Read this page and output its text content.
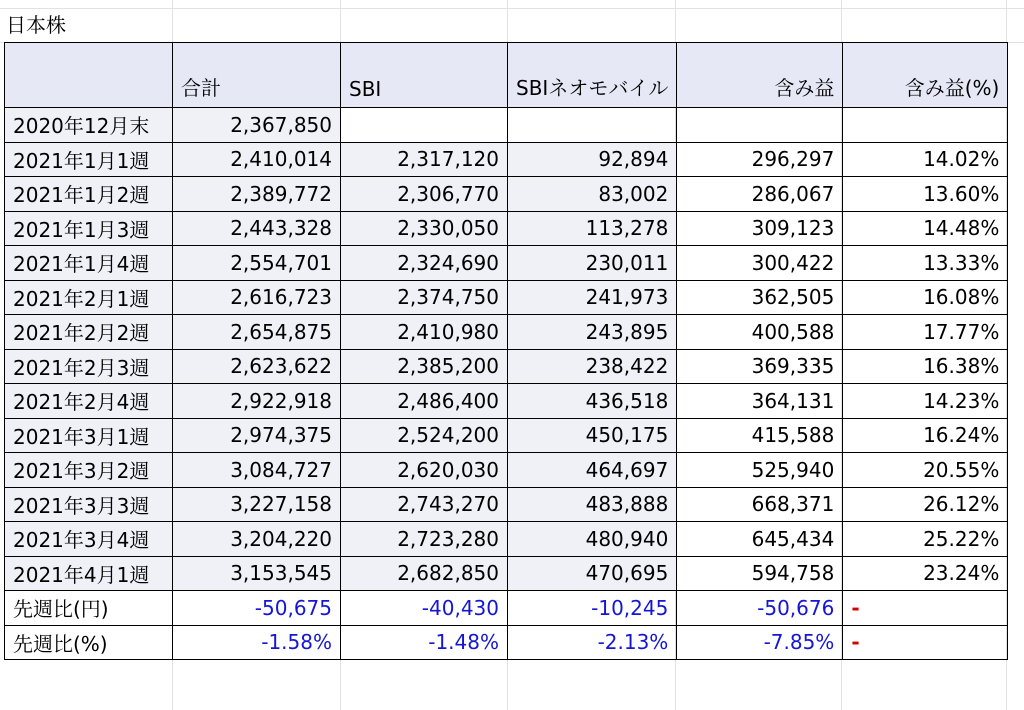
日本株
	合計	SBI	SBIネオモバイル	含み益	含み益(%)
2020年12月末	2,367,850				
2021年1月1週	2,410,014	2,317,120	92,894	296,297	14.02%
2021年1月2週	2,389,772	2,306,770	83,002	286,067	13.60%
2021年1月3週	2,443,328	2,330,050	113,278	309,123	14.48%
2021年1月4週	2,554,701	2,324,690	230,011	300,422	13.33%
2021年2月1週	2,616,723	2,374,750	241,973	362,505	16.08%
2021年2月2週	2,654,875	2,410,980	243,895	400,588	17.77%
2021年2月3週	2,623,622	2,385,200	238,422	369,335	16.38%
2021年2月4週	2,922,918	2,486,400	436,518	364,131	14.23%
2021年3月1週	2,974,375	2,524,200	450,175	415,588	16.24%
2021年3月2週	3,084,727	2,620,030	464,697	525,940	20.55%
2021年3月3週	3,227,158	2,743,270	483,888	668,371	26.12%
2021年3月4週	3,204,220	2,723,280	480,940	645,434	25.22%
2021年4月1週	3,153,545	2,682,850	470,695	594,758	23.24%
先週比(円)	-50,675	-40,430	-10,245	-50,676	-
先週比(%)	-1.58%	-1.48%	-2.13%	-7.85%	-
